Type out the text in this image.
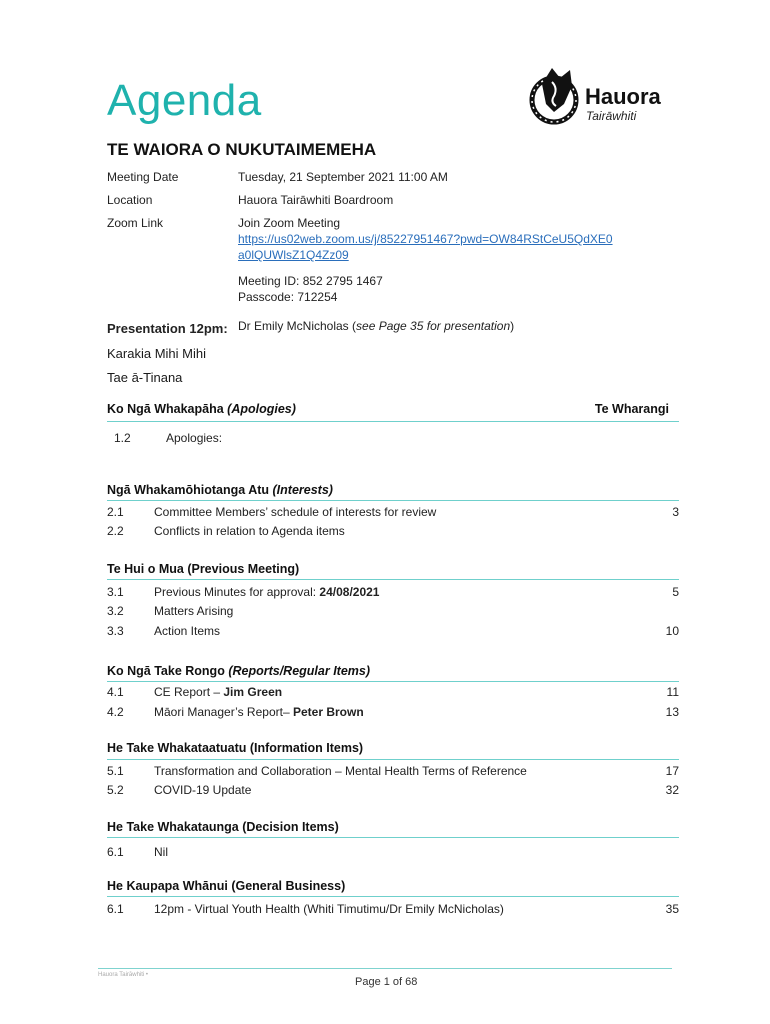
Agenda
TE WAIORA O NUKUTAIMEMEHA
Hauora
Tairāwhiti
Meeting Date	Tuesday, 21 September 2021 11:00 AM
Location	Hauora Tairāwhiti Boardroom
Zoom Link	Join Zoom Meeting
https://us02web.zoom.us/j/85227951467?pwd=OW84RStCeU5QdXE0
a0lQUWlsZ1Q4Zz09
Meeting ID: 852 2795 1467
Passcode: 712254
Presentation 12pm: Dr Emily McNicholas (see Page 35 for presentation)
Karakia Mihi Mihi
Tae ā-Tinana
Ko Ngā Whakapāha (Apologies)	Te Wharangi
1.2	Apologies:
Ngā Whakamōhiotanga Atu (Interests)
2.1	Committee Members’ schedule of interests for review	3
2.2	Conflicts in relation to Agenda items
Te Hui o Mua (Previous Meeting)
3.1	Previous Minutes for approval: 24/08/2021	5
3.2	Matters Arising
3.3	Action Items	10
Ko Ngā Take Rongo (Reports/Regular Items)
4.1	CE Report – Jim Green	11
4.2	Māori Manager’s Report– Peter Brown	13
He Take Whakataatuatu (Information Items)
5.1	Transformation and Collaboration – Mental Health Terms of Reference	17
5.2	COVID-19 Update	32
He Take Whakataunga (Decision Items)
6.1	Nil
He Kaupapa Whānui (General Business)
6.1	12pm - Virtual Youth Health (Whiti Timutimu/Dr Emily McNicholas)	35
Hauora Tairāwhiti •
Page 1 of 68
